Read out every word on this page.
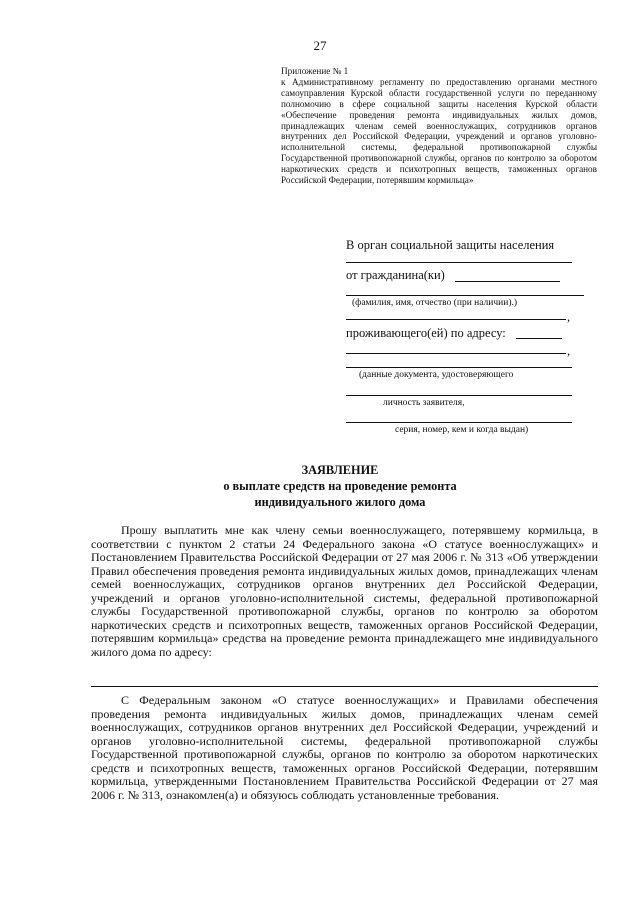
27
Приложение № 1
к Административному регламенту по предоставлению органами местного самоуправления Курской области государственной услуги по переданному полномочию в сфере социальной защиты населения Курской области «Обеспечение проведения ремонта индивидуальных жилых домов, принадлежащих членам семей военнослужащих, сотрудников органов внутренних дел Российской Федерации, учреждений и органов уголовно-исполнительной системы, федеральной противопожарной службы Государственной противопожарной службы, органов по контролю за оборотом наркотических средств и психотропных веществ, таможенных органов Российской Федерации, потерявшим кормильца»
В орган социальной защиты населения
от гражданина(ки)
(фамилия, имя, отчество (при наличии).)
,
проживающего(ей) по адресу:
,
(данные документа, удостоверяющего
личность заявителя,
серия, номер, кем и когда выдан)
ЗАЯВЛЕНИЕ
о выплате средств на проведение ремонта
индивидуального жилого дома

Прошу выплатить мне как члену семьи военнослужащего, потерявшему кормильца, в соответствии с пунктом 2 статьи 24 Федерального закона «О статусе военнослужащих» и Постановлением Правительства Российской Федерации от 27 мая 2006 г. № 313 «Об утверждении Правил обеспечения проведения ремонта индивидуальных жилых домов, принадлежащих членам семей военнослужащих, сотрудников органов внутренних дел Российской Федерации, учреждений и органов уголовно-исполнительной системы, федеральной противопожарной службы Государственной противопожарной службы, органов по контролю за оборотом наркотических средств и психотропных веществ, таможенных органов Российской Федерации, потерявшим кормильца» средства на проведение ремонта принадлежащего мне индивидуального жилого дома по адресу:

С Федеральным законом «О статусе военнослужащих» и Правилами обеспечения проведения ремонта индивидуальных жилых домов, принадлежащих членам семей военнослужащих, сотрудников органов внутренних дел Российской Федерации, учреждений и органов уголовно-исполнительной системы, федеральной противопожарной службы Государственной противопожарной службы, органов по контролю за оборотом наркотических средств и психотропных веществ, таможенных органов Российской Федерации, потерявшим кормильца, утвержденными Постановлением Правительства Российской Федерации от 27 мая 2006 г. № 313, ознакомлен(а) и обязуюсь соблюдать установленные требования.
